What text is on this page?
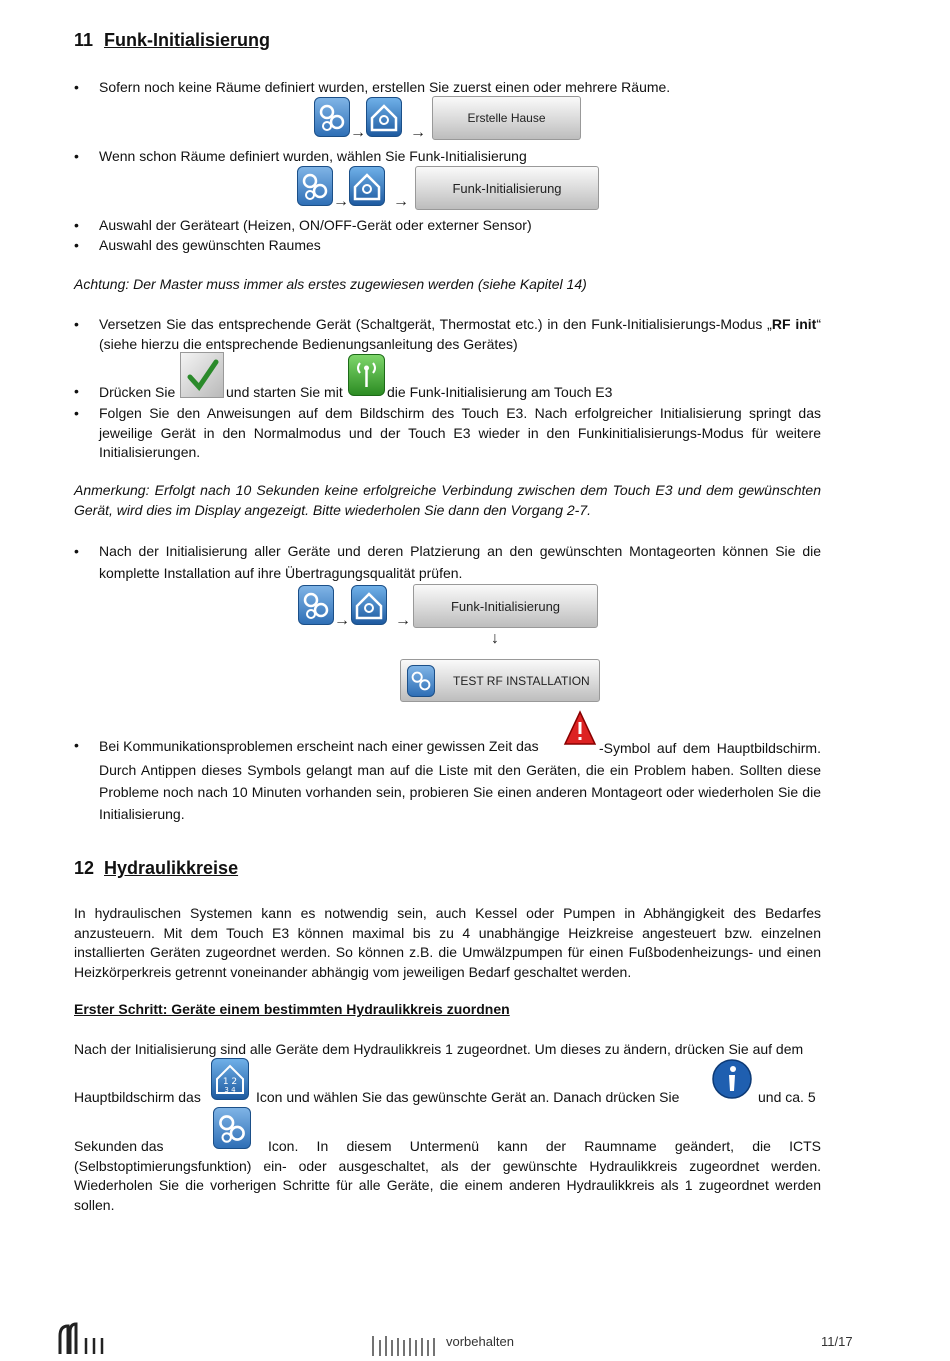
11 Funk-Initialisierung
• Sofern noch keine Räume definiert wurden, erstellen Sie zuerst einen oder mehrere Räume.
→	→
Erstelle Hause
• Wenn schon Räume definiert wurden, wählen Sie Funk-Initialisierung
→	→
Funk-Initialisierung
• Auswahl der Geräteart (Heizen, ON/OFF-Gerät oder externer Sensor)
• Auswahl des gewünschten Raumes
Achtung: Der Master muss immer als erstes zugewiesen werden (siehe Kapitel 14)
• Versetzen Sie das entsprechende Gerät (Schaltgerät, Thermostat etc.) in den Funk-Initialisierungs-Modus „RF init“ (siehe hierzu die entsprechende Bedienungsanleitung des Gerätes)
• Drücken Sie	und starten Sie mit	die Funk-Initialisierung am Touch E3
• Folgen Sie den Anweisungen auf dem Bildschirm des Touch E3. Nach erfolgreicher Initialisierung springt das jeweilige Gerät in den Normalmodus und der Touch E3 wieder in den Funkinitialisierungs-Modus für weitere Initialisierungen.
Anmerkung: Erfolgt nach 10 Sekunden keine erfolgreiche Verbindung zwischen dem Touch E3 und dem gewünschten Gerät, wird dies im Display angezeigt. Bitte wiederholen Sie dann den Vorgang 2-7.
• Nach der Initialisierung aller Geräte und deren Platzierung an den gewünschten Montageorten können Sie die komplette Installation auf ihre Übertragungsqualität prüfen.
→	→
Funk-Initialisierung
↓
TEST RF INSTALLATION
• Bei Kommunikationsproblemen erscheint nach einer gewissen Zeit das	-Symbol auf dem Hauptbildschirm. Durch Antippen dieses Symbols gelangt man auf die Liste mit den Geräten, die ein Problem haben. Sollten diese Probleme noch nach 10 Minuten vorhanden sein, probieren Sie einen anderen Montageort oder wiederholen Sie die Initialisierung.
12 Hydraulikkreise
In hydraulischen Systemen kann es notwendig sein, auch Kessel oder Pumpen in Abhängigkeit des Bedarfes anzusteuern. Mit dem Touch E3 können maximal bis zu 4 unabhängige Heizkreise angesteuert bzw. einzelnen installierten Geräten zugeordnet werden. So können z.B. die Umwälzpumpen für einen Fußbodenheizungs- und einen Heizkörperkreis getrennt voneinander abhängig vom jeweiligen Bedarf geschaltet werden.
Erster Schritt: Geräte einem bestimmten Hydraulikkreis zuordnen
Nach der Initialisierung sind alle Geräte dem Hydraulikkreis 1 zugeordnet. Um dieses zu ändern, drücken Sie auf dem
Hauptbildschirm das
1 2
3 4 Icon und wählen Sie das gewünschte Gerät an. Danach drücken Sie	und ca. 5
Sekunden das	Icon. In diesem Untermenü kann der Raumname geändert, die ICTS (Selbstoptimierungsfunktion) ein- oder ausgeschaltet, als der gewünschte Hydraulikkreis zugeordnet werden. Wiederholen Sie die vorherigen Schritte für alle Geräte, die einem anderen Hydraulikkreis als 1 zugeordnet werden sollen.
vorbehalten	11/17
